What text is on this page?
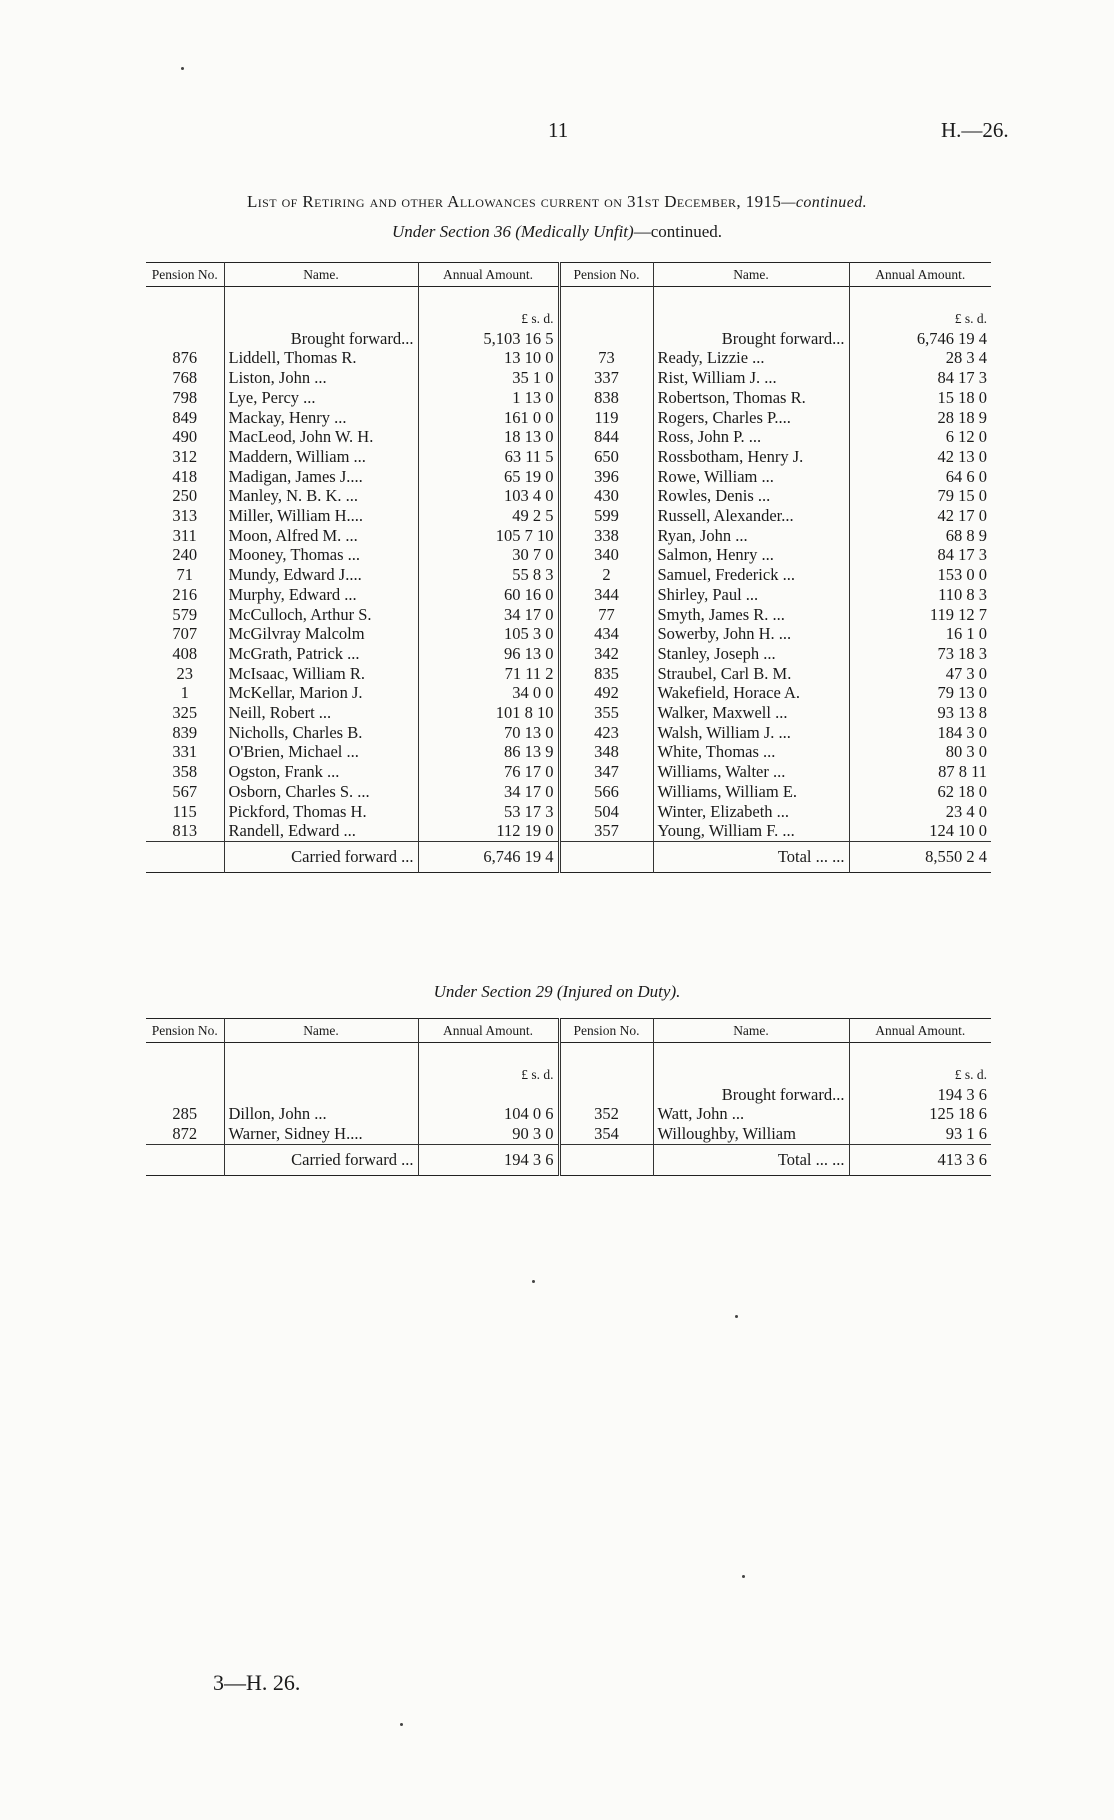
11	H.—26.
List of Retiring and other Allowances current on 31st December, 1915—continued.
Under Section 36 (Medically Unfit)—continued.
Pension No.	Name.	Annual Amount.	Pension No.	Name.	Annual Amount.

		£ s. d.			£ s. d.
	Brought forward...	5,103 16 5		Brought forward...	6,746 19 4
876	Liddell, Thomas R.	13 10 0	73	Ready, Lizzie ...	28 3 4
768	Liston, John ...	35 1 0	337	Rist, William J. ...	84 17 3
798	Lye, Percy ...	1 13 0	838	Robertson, Thomas R.	15 18 0
849	Mackay, Henry ...	161 0 0	119	Rogers, Charles P....	28 18 9
490	MacLeod, John W. H.	18 13 0	844	Ross, John P. ...	6 12 0
312	Maddern, William ...	63 11 5	650	Rossbotham, Henry J.	42 13 0
418	Madigan, James J....	65 19 0	396	Rowe, William ...	64 6 0
250	Manley, N. B. K. ...	103 4 0	430	Rowles, Denis ...	79 15 0
313	Miller, William H....	49 2 5	599	Russell, Alexander...	42 17 0
311	Moon, Alfred M. ...	105 7 10	338	Ryan, John ...	68 8 9
240	Mooney, Thomas ...	30 7 0	340	Salmon, Henry ...	84 17 3
71	Mundy, Edward J....	55 8 3	2	Samuel, Frederick ...	153 0 0
216	Murphy, Edward ...	60 16 0	344	Shirley, Paul ...	110 8 3
579	McCulloch, Arthur S.	34 17 0	77	Smyth, James R. ...	119 12 7
707	McGilvray Malcolm	105 3 0	434	Sowerby, John H. ...	16 1 0
408	McGrath, Patrick ...	96 13 0	342	Stanley, Joseph ...	73 18 3
23	McIsaac, William R.	71 11 2	835	Straubel, Carl B. M.	47 3 0
1	McKellar, Marion J.	34 0 0	492	Wakefield, Horace A.	79 13 0
325	Neill, Robert ...	101 8 10	355	Walker, Maxwell ...	93 13 8
839	Nicholls, Charles B.	70 13 0	423	Walsh, William J. ...	184 3 0
331	O'Brien, Michael ...	86 13 9	348	White, Thomas ...	80 3 0
358	Ogston, Frank ...	76 17 0	347	Williams, Walter ...	87 8 11
567	Osborn, Charles S. ...	34 17 0	566	Williams, William E.	62 18 0
115	Pickford, Thomas H.	53 17 3	504	Winter, Elizabeth ...	23 4 0
813	Randell, Edward ...	112 19 0	357	Young, William F. ...	124 10 0
	Carried forward ...	6,746 19 4		Total ... ...	8,550 2 4
Under Section 29 (Injured on Duty).
Pension No.	Name.	Annual Amount.	Pension No.	Name.	Annual Amount.

		£ s. d.			£ s. d.
				Brought forward...	194 3 6
285	Dillon, John ...	104 0 6	352	Watt, John ...	125 18 6
872	Warner, Sidney H....	90 3 0	354	Willoughby, William	93 1 6
	Carried forward ...	194 3 6		Total ... ...	413 3 6
3—H. 26.
